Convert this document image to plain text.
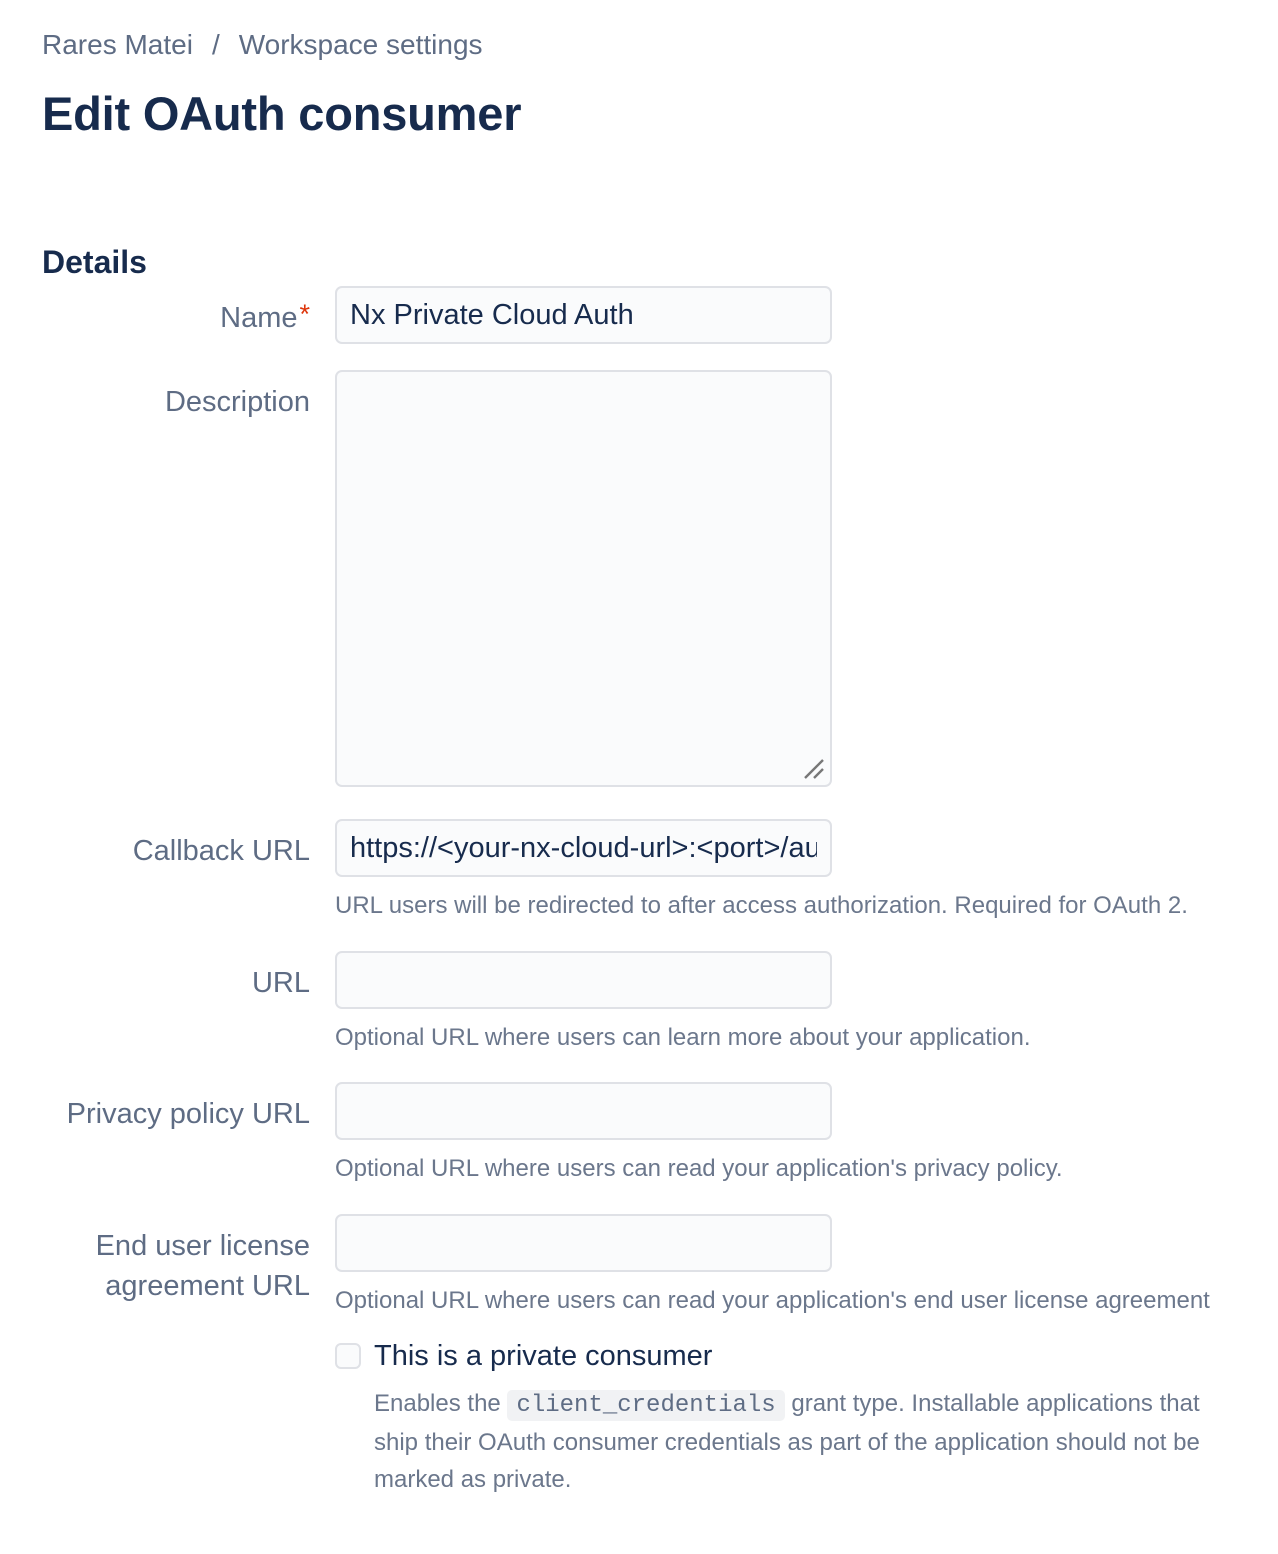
Rares Matei / Workspace settings
Edit OAuth consumer
Details
Name*
Nx Private Cloud Auth
Description
Callback URL
https://<your-nx-cloud-url>:<port>/aut
URL users will be redirected to after access authorization. Required for OAuth 2.
URL
Optional URL where users can learn more about your application.
Privacy policy URL
Optional URL where users can read your application's privacy policy.
End user license agreement URL Optional URL where users can read your application's end user license agreement
This is a private consumer

Enables the client_credentials grant type. Installable applications that ship their OAuth consumer credentials as part of the application should not be marked as private.
